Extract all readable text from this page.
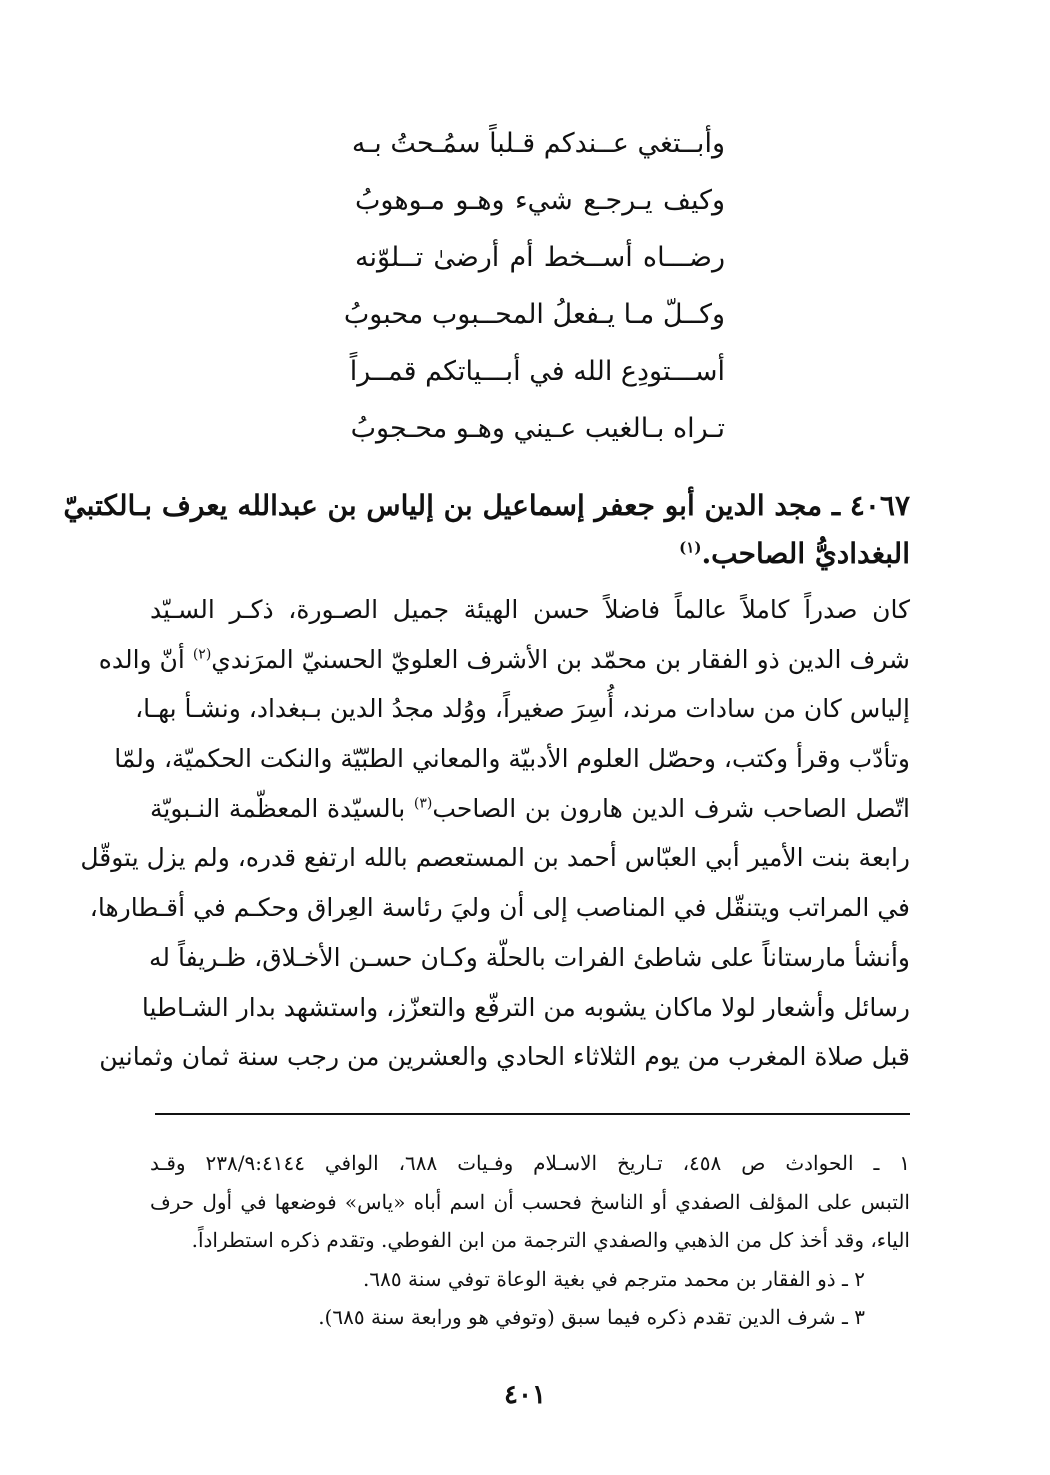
وأبــتغي عــندكم قـلباً سمُـحتُ بـه
وكيف يـرجـع شيء وهـو مـوهوبُ
رضـــاه أســخط أم أرضىٰ تــلوّنه
وكــلّ مـا يـفعلُ المحــبوب محبوبُ
أســـتودِع الله في أبـــياتكم قمــراً
تـراه بـالغيب عـيني وهـو محـجوبُ
٤٠٦٧ ـ مجد الدين أبو جعفر إسماعيل بن إلياس بن عبدالله يعرف بـالكتبيّ
البغداديُّ الصاحب.$^{(١)}$
كان صدراً كاملاً عالماً فاضلاً حسن الهيئة جميل الصـورة، ذكـر السـيّد
شرف الدين ذو الفقار بن محمّد بن الأشرف العلويّ الحسنيّ المرَندي$^{(٢)}$ أنّ والده
إلياس كان من سادات مرند، أُسِرَ صغيراً، ووُلد مجدُ الدين بـبغداد، ونشـأ بهـا،
وتأدّب وقرأ وكتب، وحصّل العلوم الأدبيّة والمعاني الطبّيّة والنكت الحكميّة، ولمّا
اتّصل الصاحب شرف الدين هارون بن الصاحب$^{(٣)}$ بالسيّدة المعظّمة النـبويّة
رابعة بنت الأمير أبي العبّاس أحمد بن المستعصم بالله ارتفع قدره، ولم يزل يتوقّل
في المراتب ويتنقّل في المناصب إلى أن وليَ رئاسة العِراق وحكـم في أقـطارها،
وأنشأ مارستاناً على شاطئ الفرات بالحلّة وكـان حسـن الأخـلاق، ظـريفاً له
رسائل وأشعار لولا ماكان يشوبه من الترفّع والتعزّز، واستشهد بدار الشـاطيا
قبل صلاة المغرب من يوم الثلاثاء الحادي والعشرين من رجب سنة ثمان وثمانين
١ ـ الحوادث ص ٤٥٨، تـاريخ الاسـلام وفـيات ٦٨٨، الوافي ٢٣٨/٩:٤١٤٤ وقـد
التبس على المؤلف الصفدي أو الناسخ فحسب أن اسم أباه «ياس» فوضعها في أول حرف
الياء، وقد أخذ كل من الذهبي والصفدي الترجمة من ابن الفوطي. وتقدم ذكره استطراداً.
٢ ـ ذو الفقار بن محمد مترجم في بغية الوعاة توفي سنة ٦٨٥.
٣ ـ شرف الدين تقدم ذكره فيما سبق (وتوفي هو ورابعة سنة ٦٨٥).
٤٠١
